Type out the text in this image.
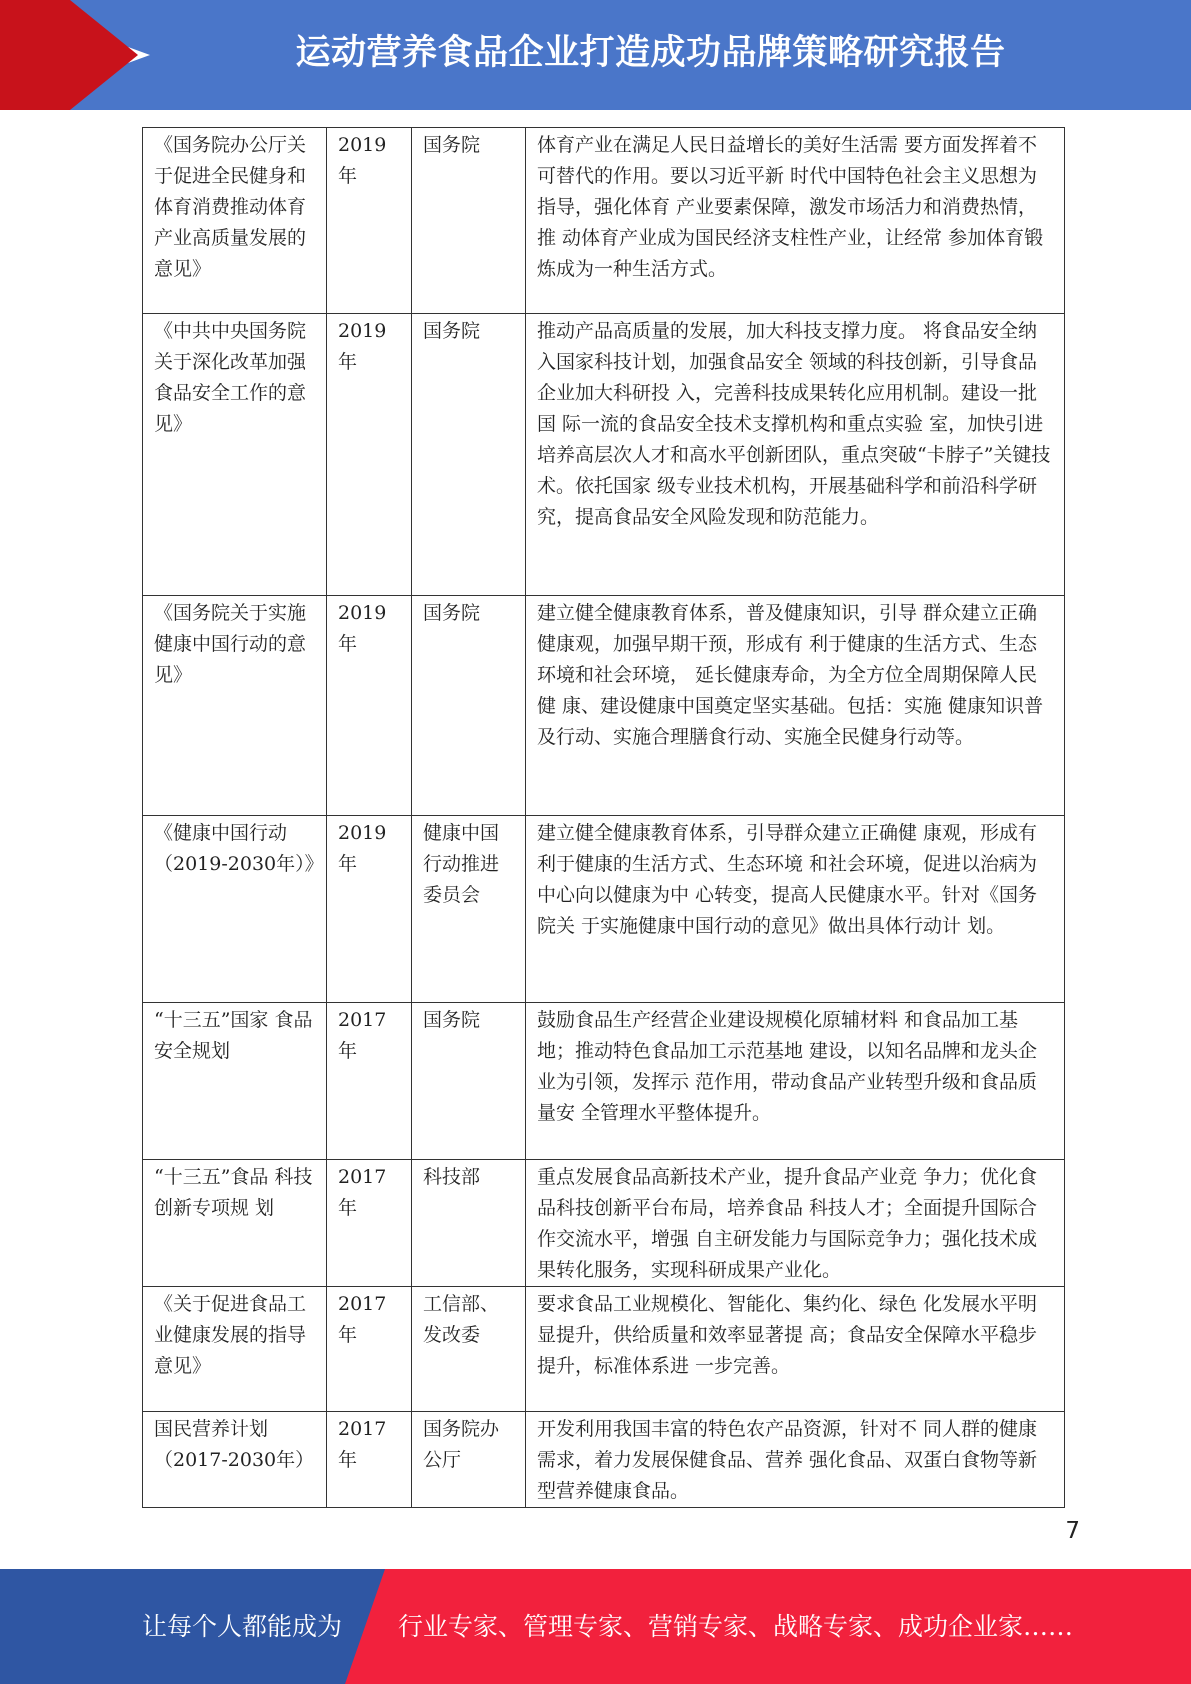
运动营养食品企业打造成功品牌策略研究报告
《国务院办公厅关于促进全民健身和体育消费推动体育产业高质量发展的意见》	2019年	国务院	体育产业在满足人民日益增长的美好生活需 要方面发挥着不可替代的作用。要以习近平新 时代中国特色社会主义思想为指导，强化体育 产业要素保障，激发市场活力和消费热情，推 动体育产业成为国民经济支柱性产业，让经常 参加体育锻炼成为一种生活方式。
《中共中央国务院关于深化改革加强食品安全工作的意见》	2019年	国务院	推动产品高质量的发展，加大科技支撑力度。 将食品安全纳入国家科技计划，加强食品安全 领域的科技创新，引导食品企业加大科研投 入，完善科技成果转化应用机制。建设一批国 际一流的食品安全技术支撑机构和重点实验 室，加快引进培养高层次人才和高水平创新团队，重点突破“卡脖子”关键技术。依托国家 级专业技术机构，开展基础科学和前沿科学研 究，提高食品安全风险发现和防范能力。
《国务院关于实施健康中国行动的意见》	2019年	国务院	建立健全健康教育体系，普及健康知识，引导 群众建立正确健康观，加强早期干预，形成有 利于健康的生活方式、生态环境和社会环境， 延长健康寿命，为全方位全周期保障人民健 康、建设健康中国奠定坚实基础。包括：实施 健康知识普及行动、实施合理膳食行动、实施全民健身行动等。
《健康中国行动（2019-2030年）》	2019年	健康中国行动推进委员会	建立健全健康教育体系，引导群众建立正确健 康观，形成有利于健康的生活方式、生态环境 和社会环境，促进以治病为中心向以健康为中 心转变，提高人民健康水平。针对《国务院关 于实施健康中国行动的意见》做出具体行动计 划。
“十三五”国家 食品安全规划	2017年	国务院	鼓励食品生产经营企业建设规模化原辅材料 和食品加工基地；推动特色食品加工示范基地 建设，以知名品牌和龙头企业为引领，发挥示 范作用，带动食品产业转型升级和食品质量安 全管理水平整体提升。
“十三五”食品 科技创新专项规 划	2017年	科技部	重点发展食品高新技术产业，提升食品产业竞 争力；优化食品科技创新平台布局，培养食品 科技人才；全面提升国际合作交流水平，增强 自主研发能力与国际竞争力；强化技术成果转化服务，实现科研成果产业化。
《关于促进食品工业健康发展的指导意见》	2017年	工信部、发改委	要求食品工业规模化、智能化、集约化、绿色 化发展水平明显提升，供给质量和效率显著提 高；食品安全保障水平稳步提升，标准体系进 一步完善。
国民营养计划（2017-2030年）	2017年	国务院办公厅	开发利用我国丰富的特色农产品资源，针对不 同人群的健康需求，着力发展保健食品、营养 强化食品、双蛋白食物等新型营养健康食品。
7
让每个人都能成为 行业专家、管理专家、营销专家、战略专家、成功企业家……
